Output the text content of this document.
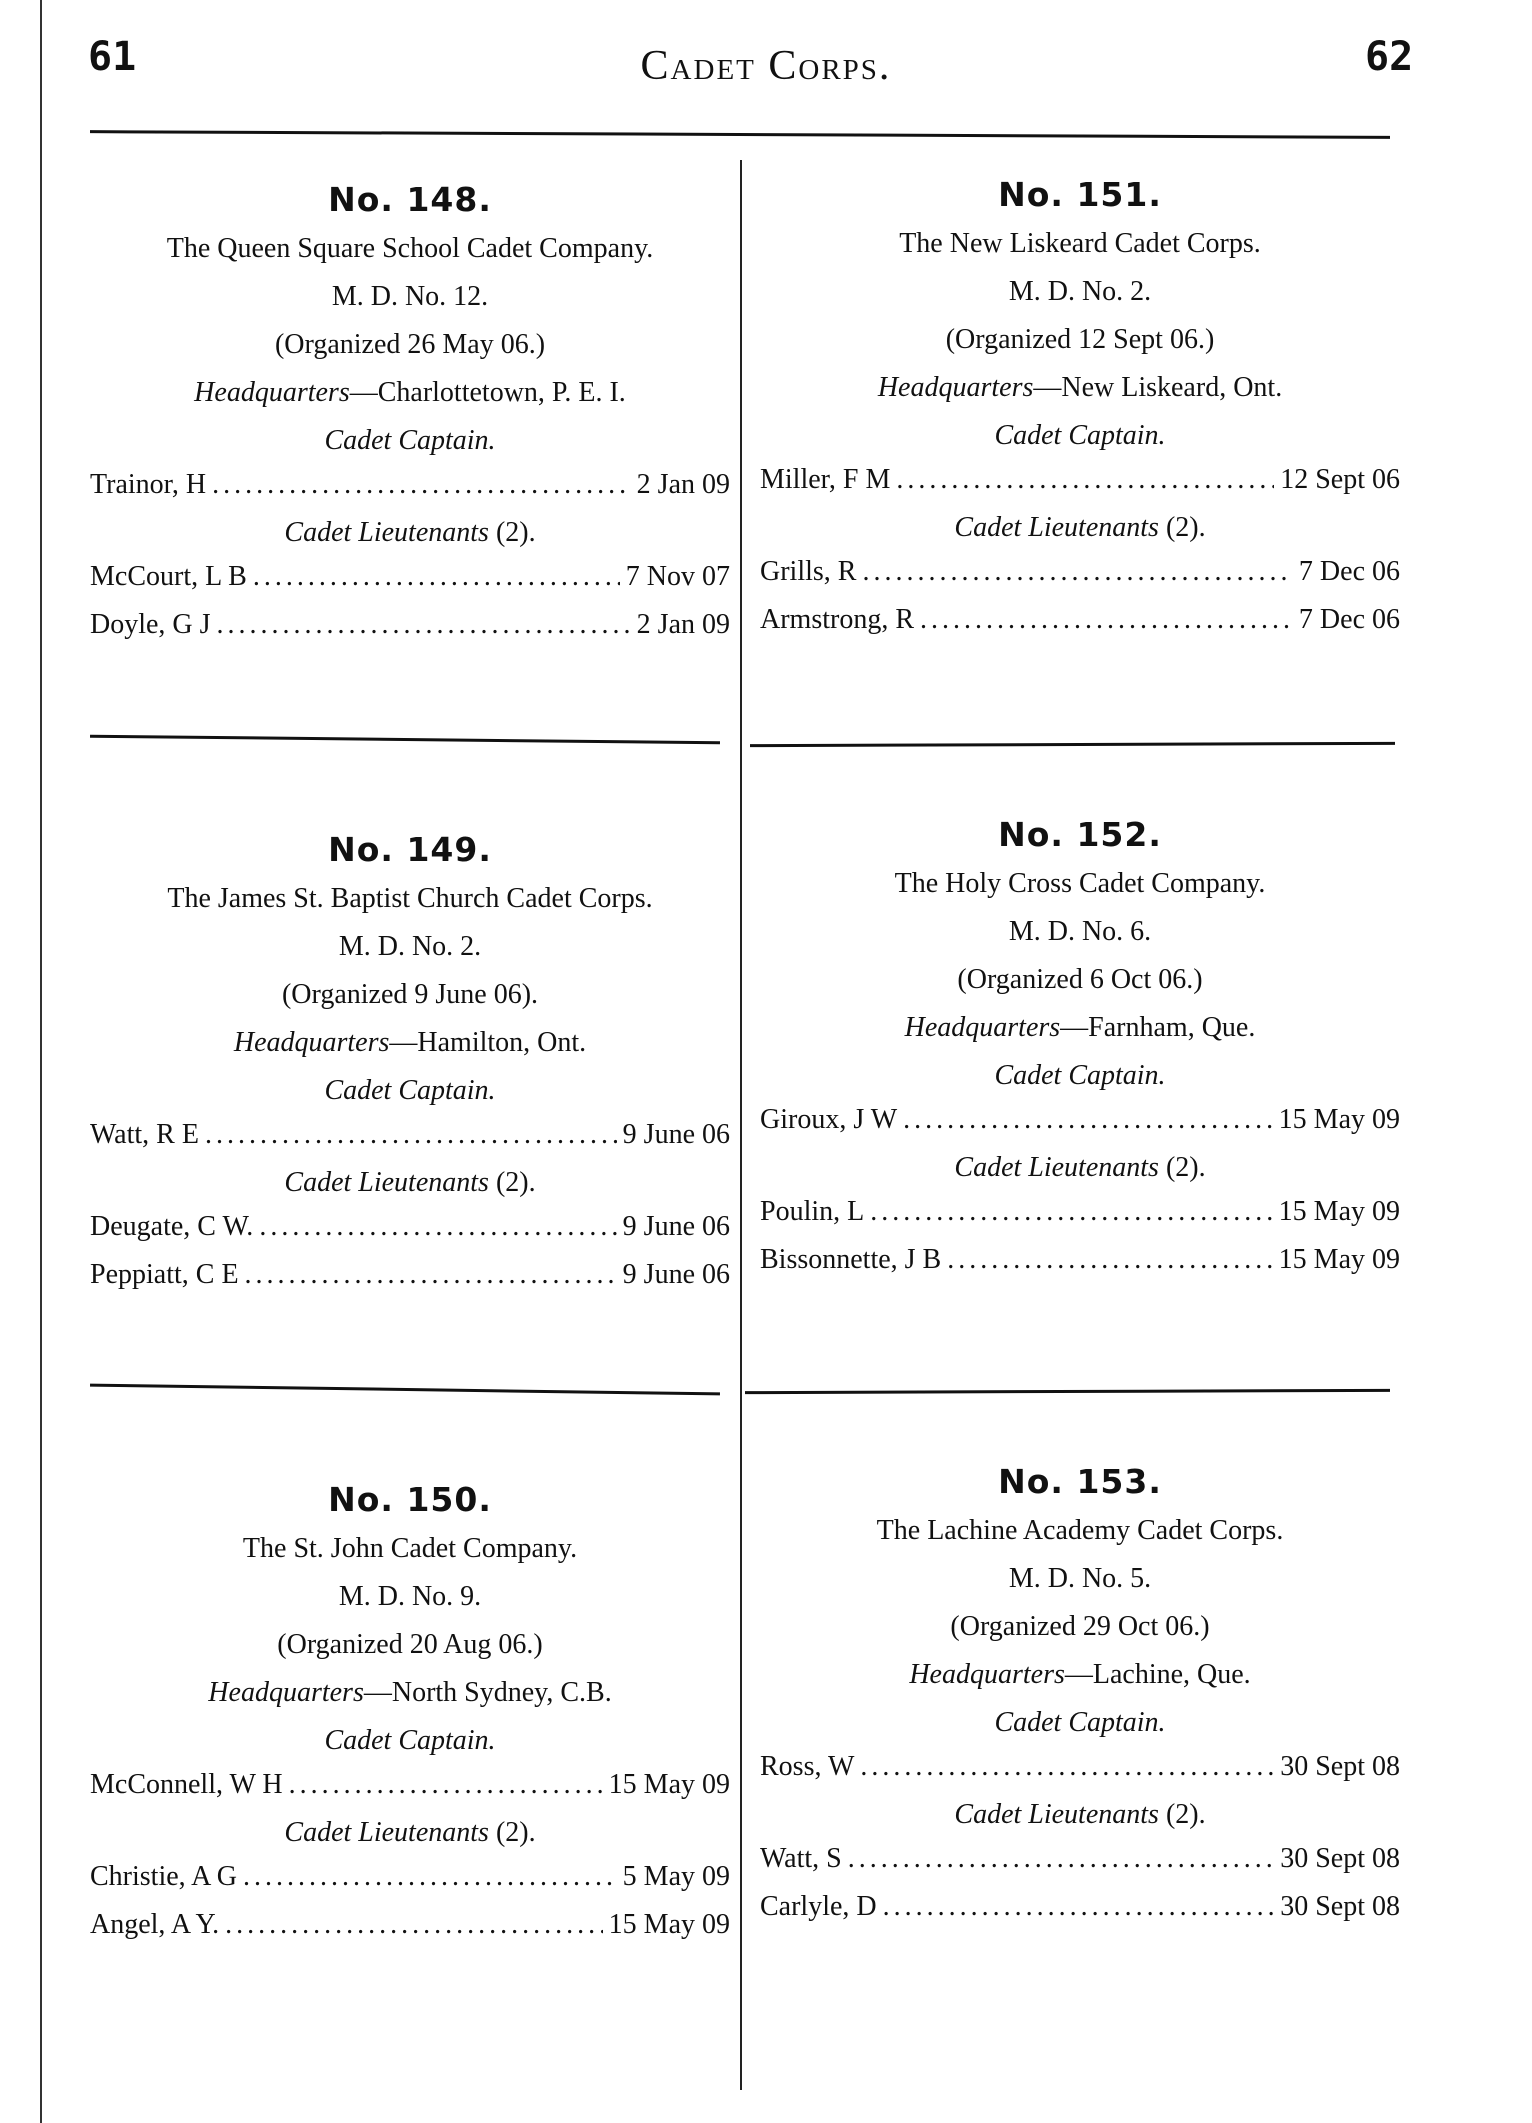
61	Cadet Corps.	62
No. 148.
The Queen Square School Cadet Company.
M. D. No. 12.
(Organized 26 May 06.)
Headquarters—Charlottetown, P. E. I.
Cadet Captain.
Trainor, H .....	2 Jan 09
Cadet Lieutenants (2).
McCourt, L B .....	7 Nov 07
Doyle, G J .....	2 Jan 09
No. 149.
The James St. Baptist Church Cadet Corps.
M. D. No. 2.
(Organized 9 June 06).
Headquarters—Hamilton, Ont.
Cadet Captain.
Watt, R E .....	9 June 06
Cadet Lieutenants (2).
Deugate, C W. .....	9 June 06
Peppiatt, C E .....	9 June 06
No. 150.
The St. John Cadet Company.
M. D. No. 9.
(Organized 20 Aug 06.)
Headquarters—North Sydney, C.B.
Cadet Captain.
McConnell, W H .....	15 May 09
Cadet Lieutenants (2).
Christie, A G .....	5 May 09
Angel, A Y. .....	15 May 09
No. 151.
The New Liskeard Cadet Corps.
M. D. No. 2.
(Organized 12 Sept 06.)
Headquarters—New Liskeard, Ont.
Cadet Captain.
Miller, F M .....	12 Sept 06
Cadet Lieutenants (2).
Grills, R .....	7 Dec 06
Armstrong, R .....	7 Dec 06
No. 152.
The Holy Cross Cadet Company.
M. D. No. 6.
(Organized 6 Oct 06.)
Headquarters—Farnham, Que.
Cadet Captain.
Giroux, J W .....	15 May 09
Cadet Lieutenants (2).
Poulin, L .....	15 May 09
Bissonnette, J B .....	15 May 09
No. 153.
The Lachine Academy Cadet Corps.
M. D. No. 5.
(Organized 29 Oct 06.)
Headquarters—Lachine, Que.
Cadet Captain.
Ross, W .....	30 Sept 08
Cadet Lieutenants (2).
Watt, S .....	30 Sept 08
Carlyle, D .....	30 Sept 08
